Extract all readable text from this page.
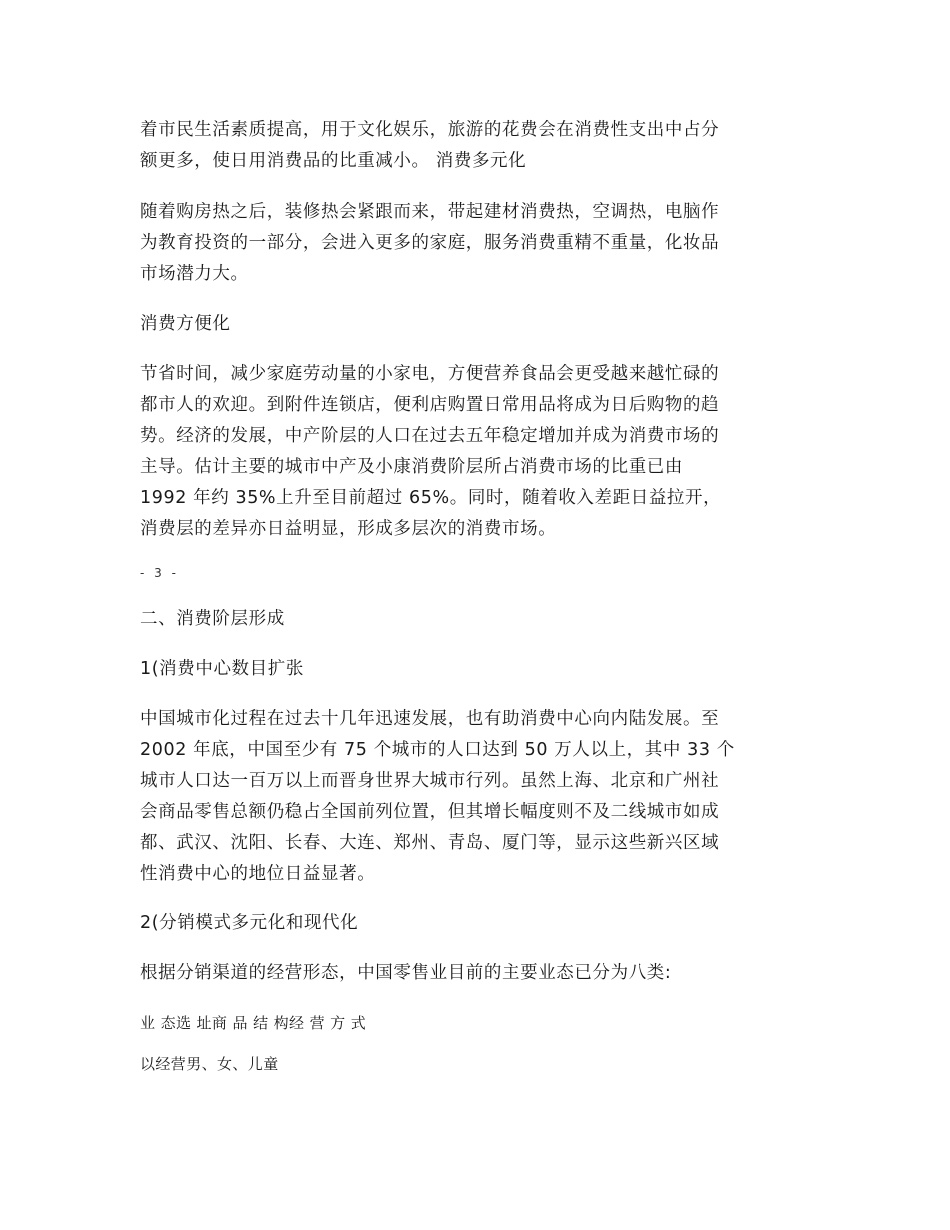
着市民生活素质提高，用于文化娱乐，旅游的花费会在消费性支出中占分
额更多，使日用消费品的比重减小。 消费多元化
随着购房热之后，装修热会紧跟而来，带起建材消费热，空调热，电脑作
为教育投资的一部分，会进入更多的家庭，服务消费重精不重量，化妆品
市场潜力大。
消费方便化
节省时间，减少家庭劳动量的小家电，方便营养食品会更受越来越忙碌的
都市人的欢迎。到附件连锁店，便利店购置日常用品将成为日后购物的趋
势。经济的发展，中产阶层的人口在过去五年稳定增加并成为消费市场的
主导。估计主要的城市中产及小康消费阶层所占消费市场的比重已由
1992 年约 35%上升至目前超过 65%。同时，随着收入差距日益拉开，
消费层的差异亦日益明显，形成多层次的消费市场。
- 3 -
二、消费阶层形成
1(消费中心数目扩张
中国城市化过程在过去十几年迅速发展，也有助消费中心向内陆发展。至
2002 年底，中国至少有 75 个城市的人口达到 50 万人以上，其中 33 个
城市人口达一百万以上而晋身世界大城市行列。虽然上海、北京和广州社
会商品零售总额仍稳占全国前列位置，但其增长幅度则不及二线城市如成
都、武汉、沈阳、长春、大连、郑州、青岛、厦门等，显示这些新兴区域
性消费中心的地位日益显著。
2(分销模式多元化和现代化
根据分销渠道的经营形态，中国零售业目前的主要业态已分为八类:
业 态选 址商 品 结 构经 营 方 式
以经营男、女、儿童
